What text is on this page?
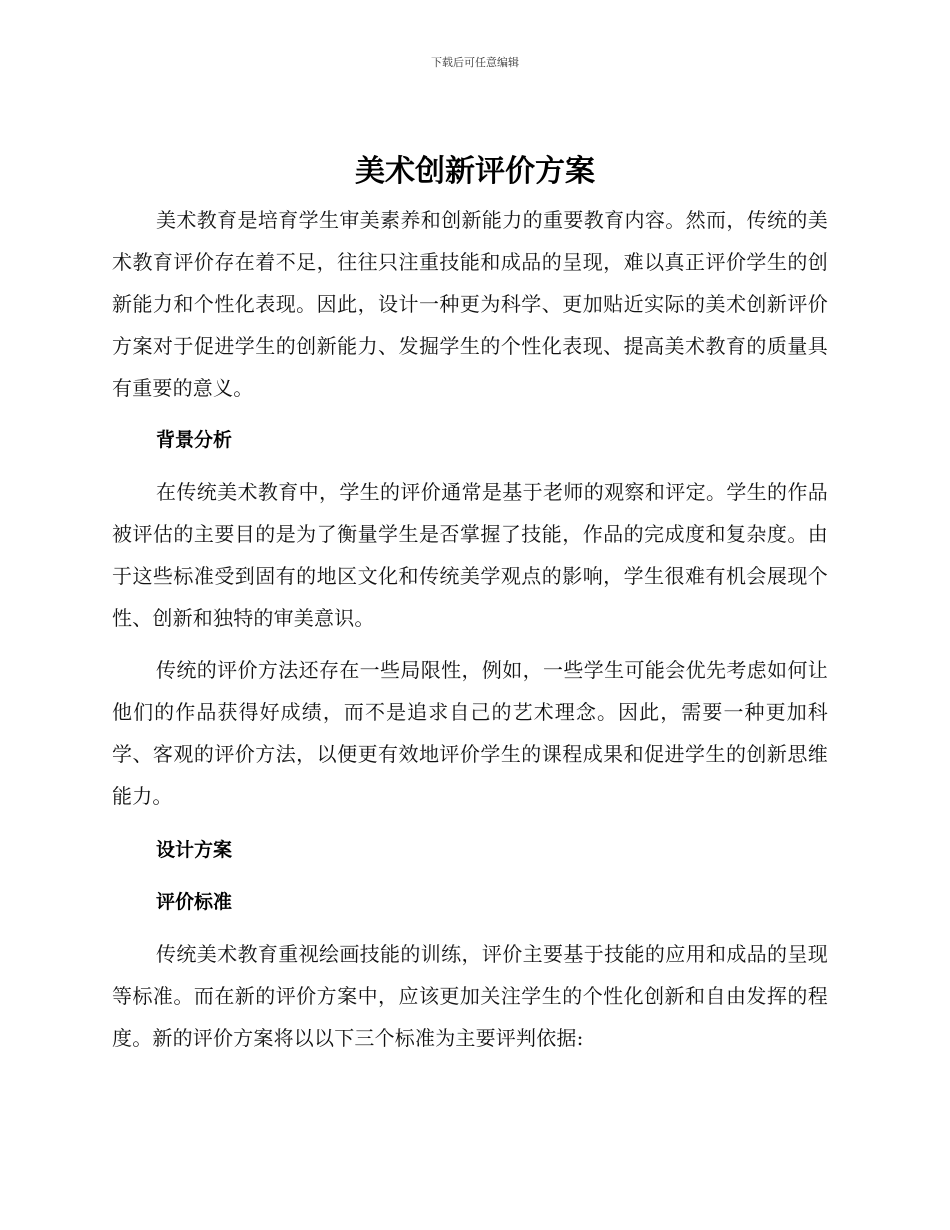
下载后可任意编辑
美术创新评价方案

美术教育是培育学生审美素养和创新能力的重要教育内容。然而，传统的美术教育评价存在着不足，往往只注重技能和成品的呈现，难以真正评价学生的创新能力和个性化表现。因此，设计一种更为科学、更加贴近实际的美术创新评价方案对于促进学生的创新能力、发掘学生的个性化表现、提高美术教育的质量具有重要的意义。

背景分析

在传统美术教育中，学生的评价通常是基于老师的观察和评定。学生的作品被评估的主要目的是为了衡量学生是否掌握了技能，作品的完成度和复杂度。由于这些标准受到固有的地区文化和传统美学观点的影响，学生很难有机会展现个性、创新和独特的审美意识。

传统的评价方法还存在一些局限性，例如，一些学生可能会优先考虑如何让他们的作品获得好成绩，而不是追求自己的艺术理念。因此，需要一种更加科学、客观的评价方法，以便更有效地评价学生的课程成果和促进学生的创新思维能力。

设计方案
评价标准

传统美术教育重视绘画技能的训练，评价主要基于技能的应用和成品的呈现等标准。而在新的评价方案中，应该更加关注学生的个性化创新和自由发挥的程度。新的评价方案将以以下三个标准为主要评判依据:
